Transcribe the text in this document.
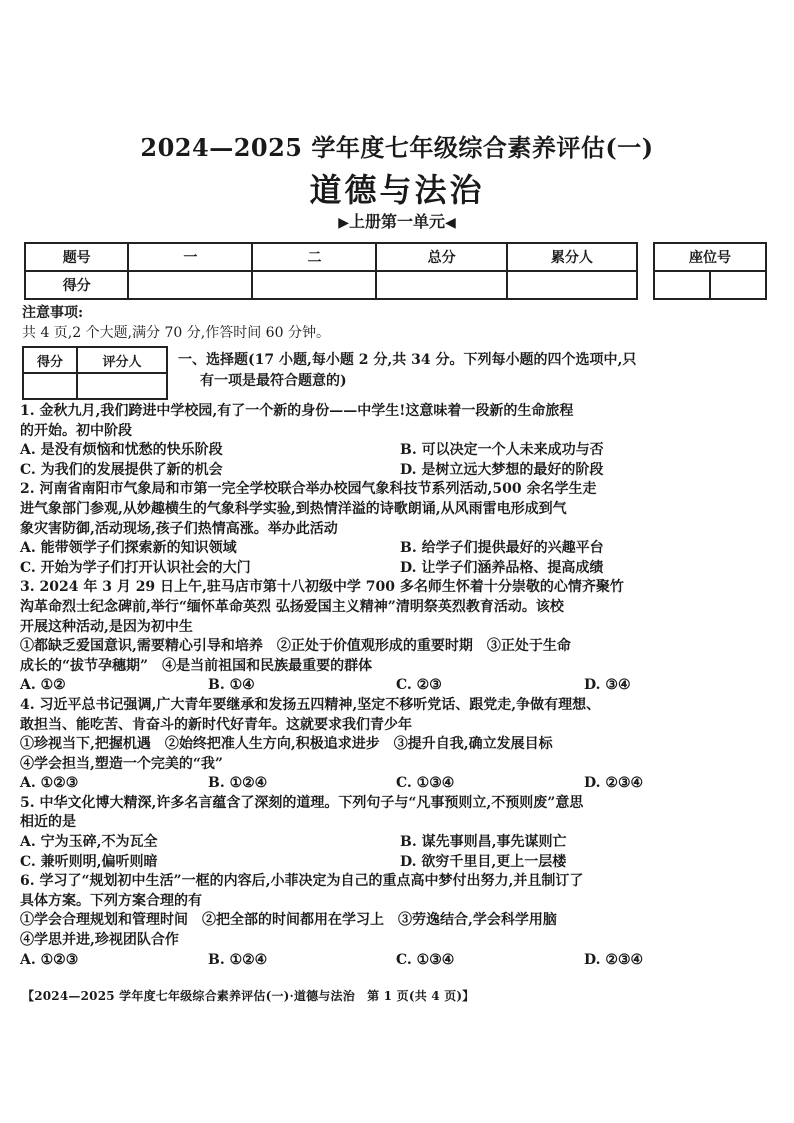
2024—2025 学年度七年级综合素养评估(一)
道德与法治
▶上册第一单元◀
题号	一	二	总分	累分人
得分				
座位号

注意事项:
共 4 页,2 个大题,满分 70 分,作答时间 60 分钟。
得分	评分人
		一、选择题(17 小题,每小题 2 分,共 34 分。下列每小题的四个选项中,只
有一项是最符合题意的)
1. 金秋九月,我们跨进中学校园,有了一个新的身份——中学生!这意味着一段新的生命旅程
的开始。初中阶段
A. 是没有烦恼和忧愁的快乐阶段	B. 可以决定一个人未来成功与否
C. 为我们的发展提供了新的机会	D. 是树立远大梦想的最好的阶段
2. 河南省南阳市气象局和市第一完全学校联合举办校园气象科技节系列活动,500 余名学生走
进气象部门参观,从妙趣横生的气象科学实验,到热情洋溢的诗歌朗诵,从风雨雷电形成到气
象灾害防御,活动现场,孩子们热情高涨。举办此活动
A. 能带领学子们探索新的知识领域	B. 给学子们提供最好的兴趣平台
C. 开始为学子们打开认识社会的大门	D. 让学子们涵养品格、提高成绩
3. 2024 年 3 月 29 日上午,驻马店市第十八初级中学 700 多名师生怀着十分崇敬的心情齐聚竹
沟革命烈士纪念碑前,举行“缅怀革命英烈 弘扬爱国主义精神”清明祭英烈教育活动。该校
开展这种活动,是因为初中生
①都缺乏爱国意识,需要精心引导和培养　②正处于价值观形成的重要时期　③正处于生命
成长的“拔节孕穗期”　④是当前祖国和民族最重要的群体
A. ①②	B. ①④	C. ②③	D. ③④
4. 习近平总书记强调,广大青年要继承和发扬五四精神,坚定不移听党话、跟党走,争做有理想、
敢担当、能吃苦、肯奋斗的新时代好青年。这就要求我们青少年
①珍视当下,把握机遇　②始终把准人生方向,积极追求进步　③提升自我,确立发展目标
④学会担当,塑造一个完美的“我”
A. ①②③	B. ①②④	C. ①③④	D. ②③④
5. 中华文化博大精深,许多名言蕴含了深刻的道理。下列句子与“凡事预则立,不预则废”意思
相近的是
A. 宁为玉碎,不为瓦全	B. 谋先事则昌,事先谋则亡
C. 兼听则明,偏听则暗	D. 欲穷千里目,更上一层楼
6. 学习了“规划初中生活”一框的内容后,小菲决定为自己的重点高中梦付出努力,并且制订了
具体方案。下列方案合理的有
①学会合理规划和管理时间　②把全部的时间都用在学习上　③劳逸结合,学会科学用脑
④学思并进,珍视团队合作
A. ①②③	B. ①②④	C. ①③④	D. ②③④
【2024—2025 学年度七年级综合素养评估(一)·道德与法治　第 1 页(共 4 页)】
